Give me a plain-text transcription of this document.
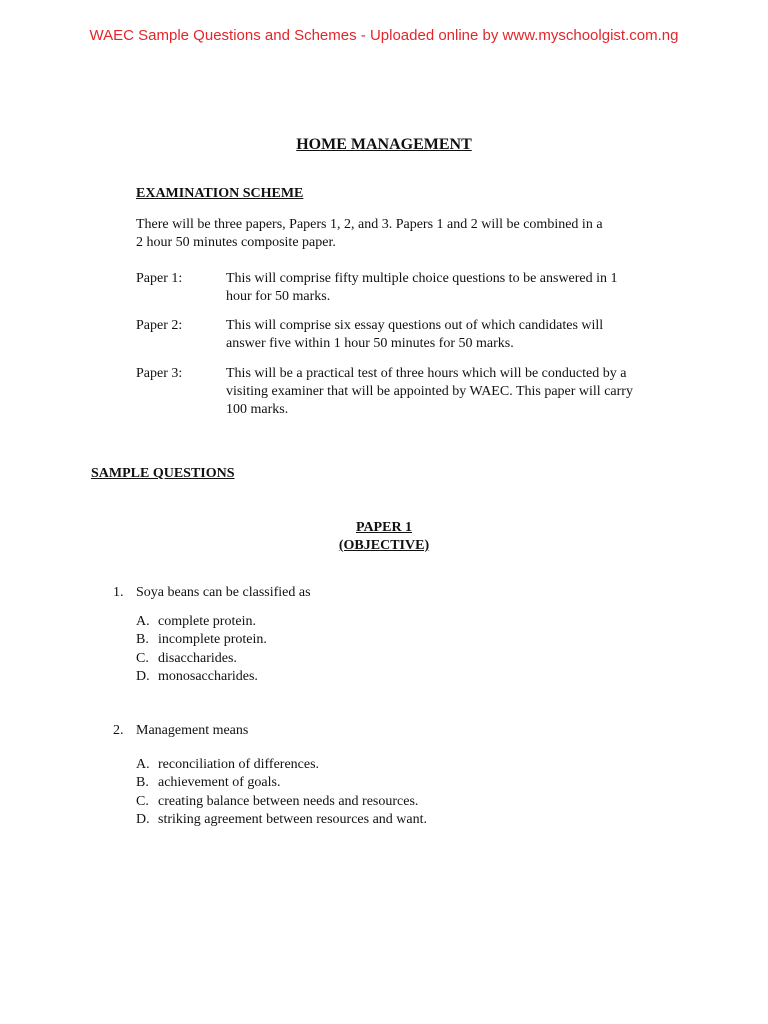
WAEC Sample Questions and Schemes - Uploaded online by www.myschoolgist.com.ng
HOME MANAGEMENT
EXAMINATION SCHEME
There will be three papers, Papers 1, 2, and 3. Papers 1 and 2 will be combined in a
2 hour 50 minutes composite paper.
Paper 1:	This will comprise fifty multiple choice questions to be answered in 1
hour for 50 marks.
Paper 2:	This will comprise six essay questions out of which candidates will
answer five within 1 hour 50 minutes for 50 marks.
Paper 3:	This will be a practical test of three hours which will be conducted by a
visiting examiner that will be appointed by WAEC. This paper will carry
100 marks.
SAMPLE QUESTIONS
PAPER 1
(OBJECTIVE)
1. Soya beans can be classified as
A. complete protein.
B. incomplete protein.
C. disaccharides.
D. monosaccharides.
2. Management means
A. reconciliation of differences.
B. achievement of goals.
C. creating balance between needs and resources.
D. striking agreement between resources and want.
